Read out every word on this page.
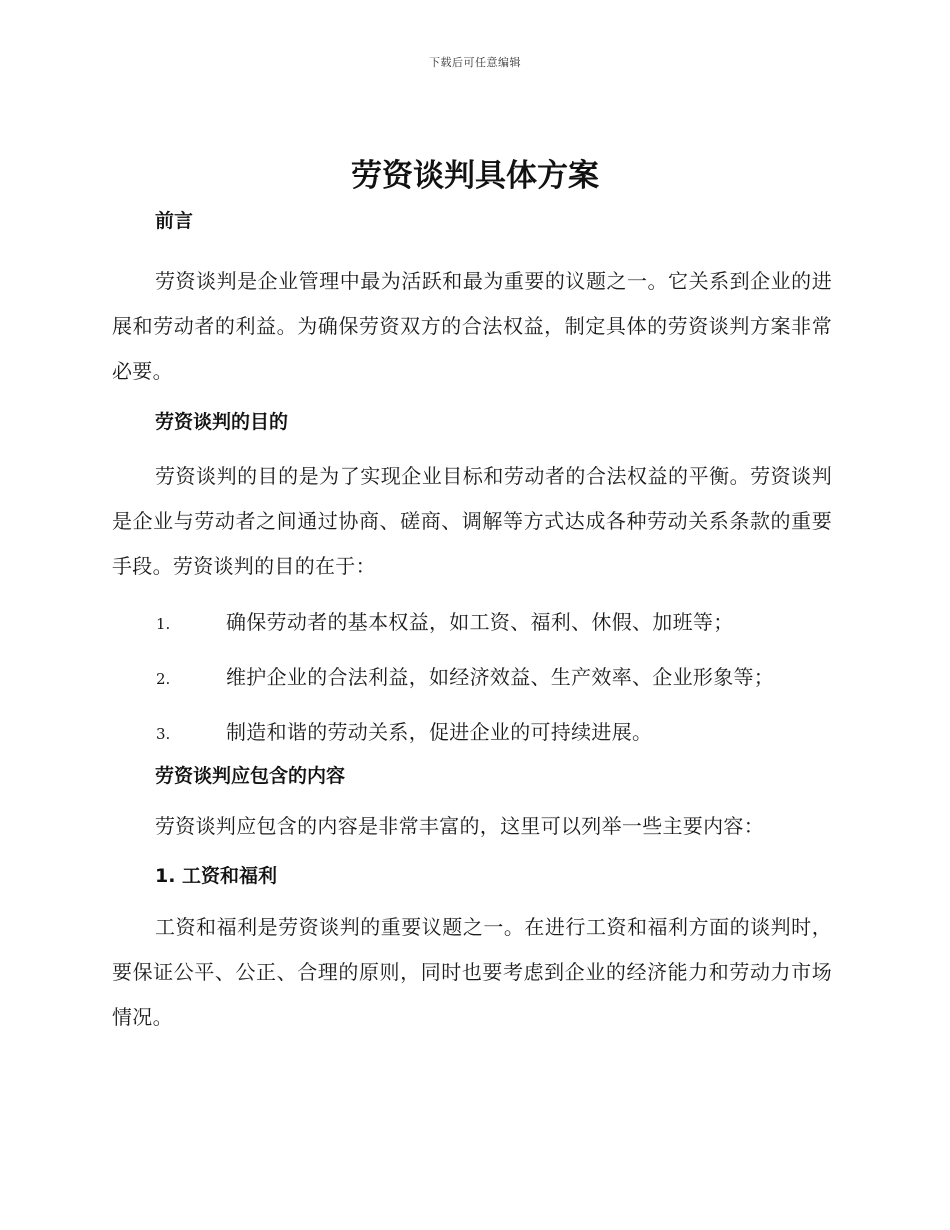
下载后可任意编辑
劳资谈判具体方案
前言

劳资谈判是企业管理中最为活跃和最为重要的议题之一。它关系到企业的进展和劳动者的利益。为确保劳资双方的合法权益，制定具体的劳资谈判方案非常必要。

劳资谈判的目的

劳资谈判的目的是为了实现企业目标和劳动者的合法权益的平衡。劳资谈判是企业与劳动者之间通过协商、磋商、调解等方式达成各种劳动关系条款的重要手段。劳资谈判的目的在于：

1.	确保劳动者的基本权益，如工资、福利、休假、加班等；
2.	维护企业的合法利益，如经济效益、生产效率、企业形象等；
3.	制造和谐的劳动关系，促进企业的可持续进展。
劳资谈判应包含的内容

劳资谈判应包含的内容是非常丰富的，这里可以列举一些主要内容：

1. 工资和福利

工资和福利是劳资谈判的重要议题之一。在进行工资和福利方面的谈判时，要保证公平、公正、合理的原则，同时也要考虑到企业的经济能力和劳动力市场情况。
